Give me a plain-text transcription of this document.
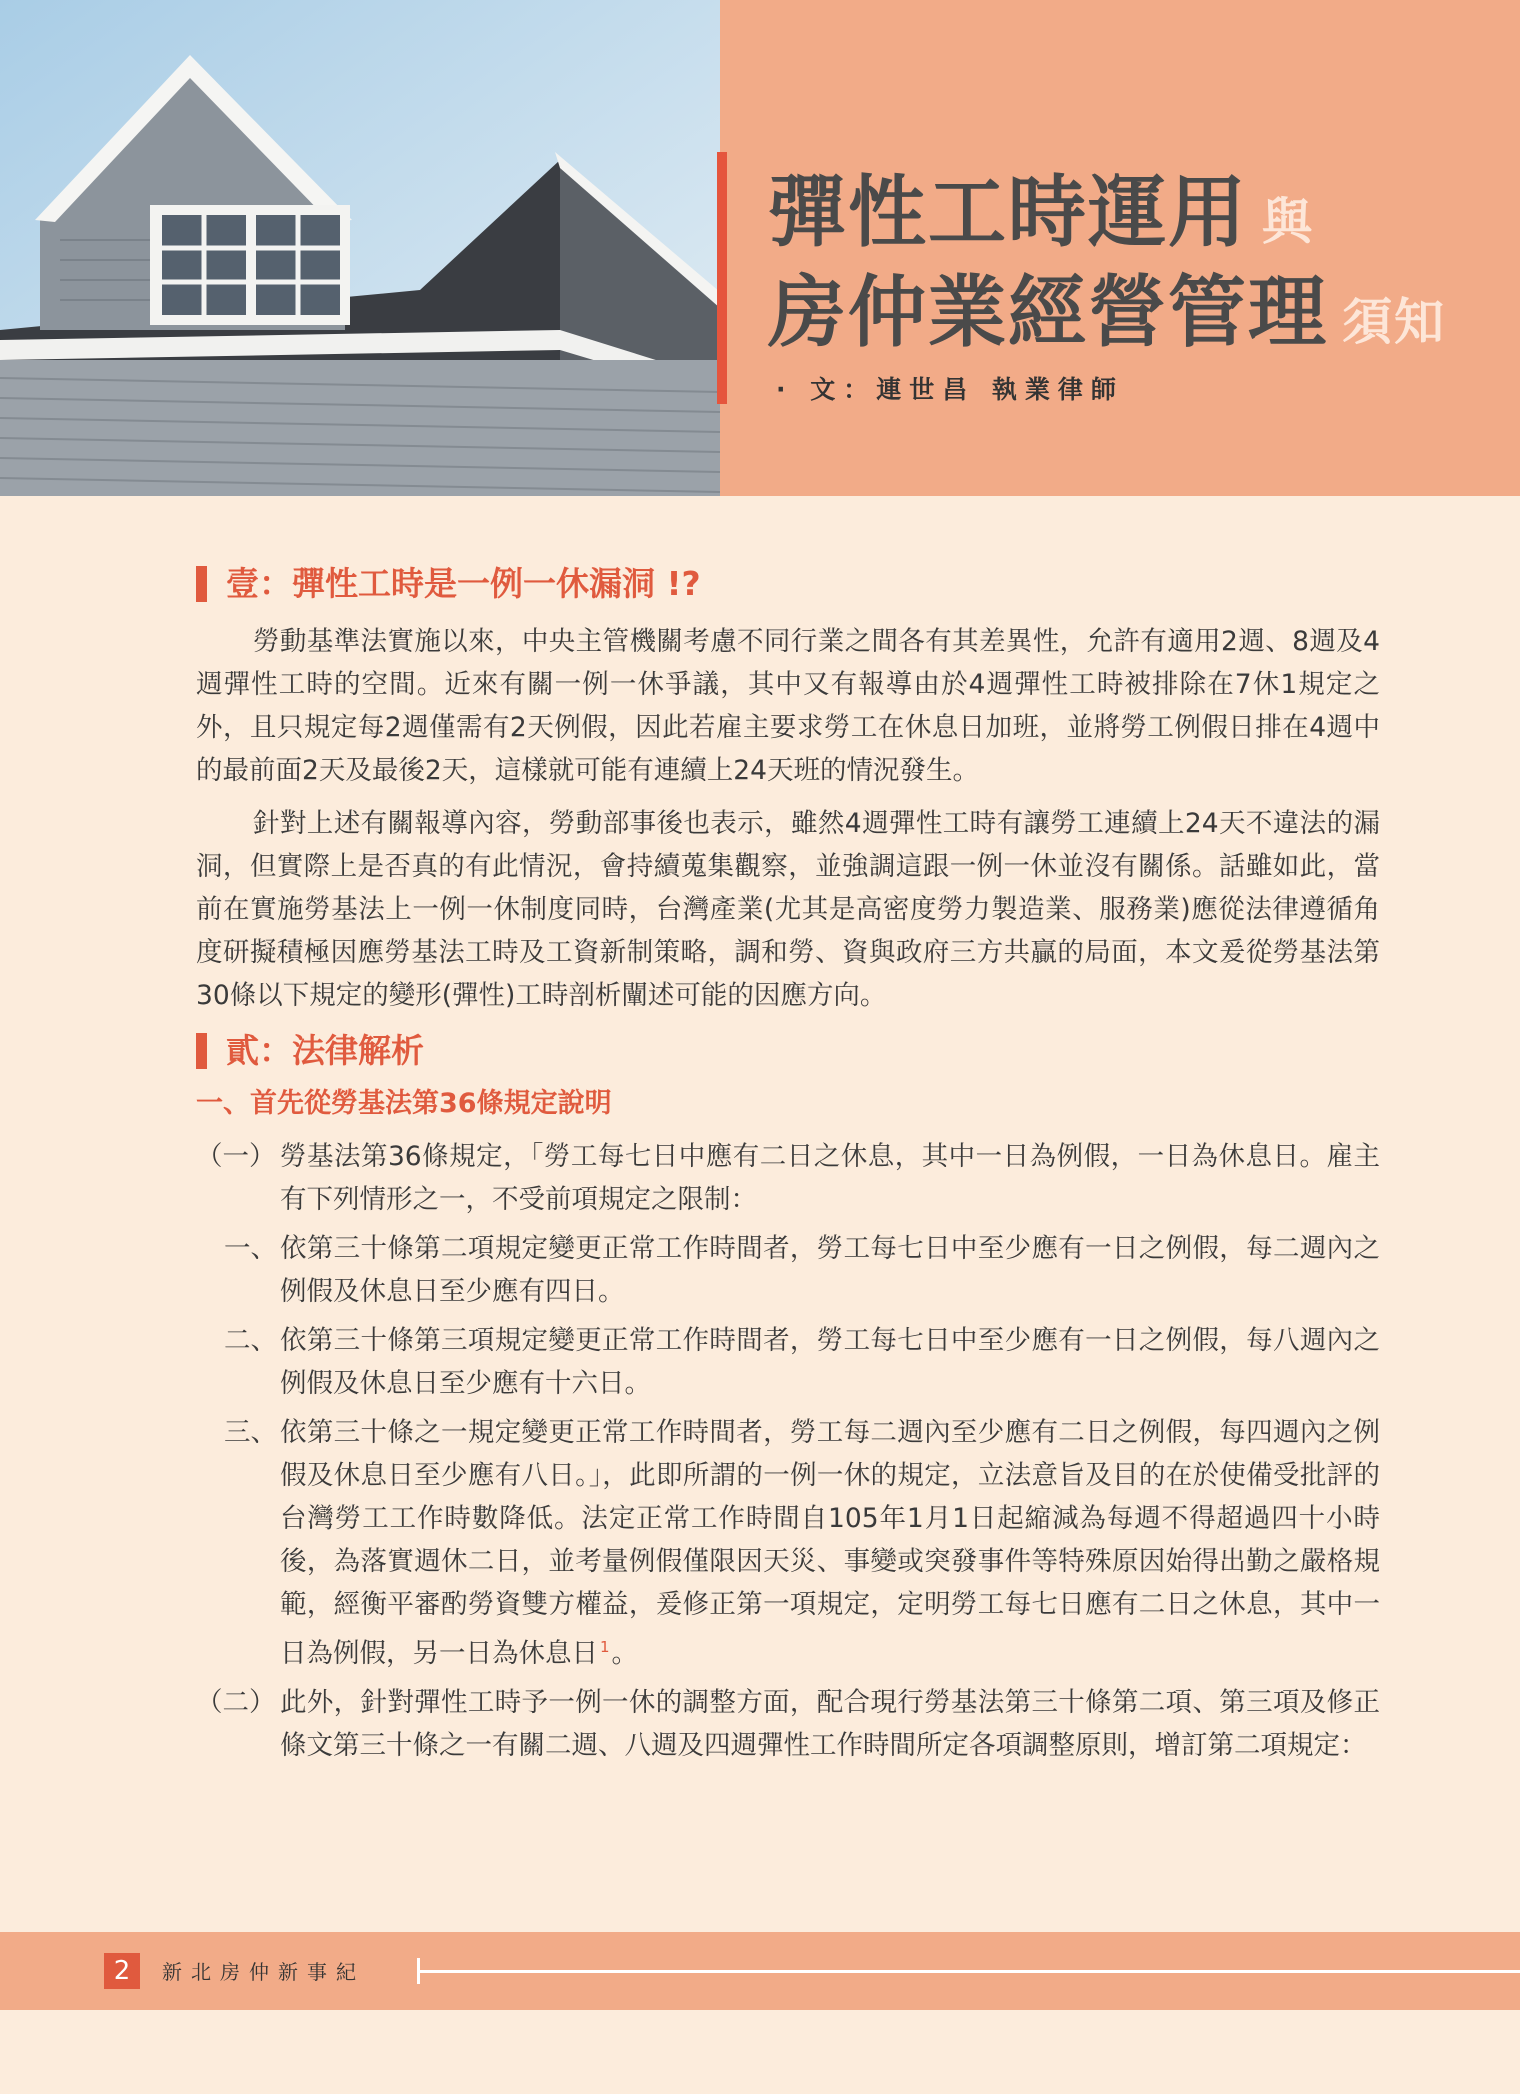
彈性工時運用 與
房仲業經營管理 須知
· 文：連世昌 執業律師
壹：彈性工時是一例一休漏洞 !?

勞動基準法實施以來，中央主管機關考慮不同行業之間各有其差異性，允許有適用2週、8週及4週彈性工時的空間。近來有關一例一休爭議，其中又有報導由於4週彈性工時被排除在7休1規定之外，且只規定每2週僅需有2天例假，因此若雇主要求勞工在休息日加班，並將勞工例假日排在4週中的最前面2天及最後2天，這樣就可能有連續上24天班的情況發生。

針對上述有關報導內容，勞動部事後也表示，雖然4週彈性工時有讓勞工連續上24天不違法的漏洞，但實際上是否真的有此情況，會持續蒐集觀察，並強調這跟一例一休並沒有關係。話雖如此，當前在實施勞基法上一例一休制度同時，台灣產業(尤其是高密度勞力製造業、服務業)應從法律遵循角度研擬積極因應勞基法工時及工資新制策略，調和勞、資與政府三方共贏的局面，本文爰從勞基法第30條以下規定的變形(彈性)工時剖析闡述可能的因應方向。

貳：法律解析
一、首先從勞基法第36條規定說明
（一） 勞基法第36條規定，「勞工每七日中應有二日之休息，其中一日為例假，一日為休息日。雇主有下列情形之一，不受前項規定之限制：
一、 依第三十條第二項規定變更正常工作時間者，勞工每七日中至少應有一日之例假，每二週內之例假及休息日至少應有四日。
二、 依第三十條第三項規定變更正常工作時間者，勞工每七日中至少應有一日之例假，每八週內之例假及休息日至少應有十六日。
三、 依第三十條之一規定變更正常工作時間者，勞工每二週內至少應有二日之例假，每四週內之例假及休息日至少應有八日。」，此即所謂的一例一休的規定，立法意旨及目的在於使備受批評的台灣勞工工作時數降低。法定正常工作時間自105年1月1日起縮減為每週不得超過四十小時後，為落實週休二日，並考量例假僅限因天災、事變或突發事件等特殊原因始得出勤之嚴格規範，經衡平審酌勞資雙方權益，爰修正第一項規定，定明勞工每七日應有二日之休息，其中一日為例假，另一日為休息日 $^1$。
（二） 此外，針對彈性工時予一例一休的調整方面，配合現行勞基法第三十條第二項、第三項及修正條文第三十條之一有關二週、八週及四週彈性工作時間所定各項調整原則，增訂第二項規定：
2	新北房仲新事紀
